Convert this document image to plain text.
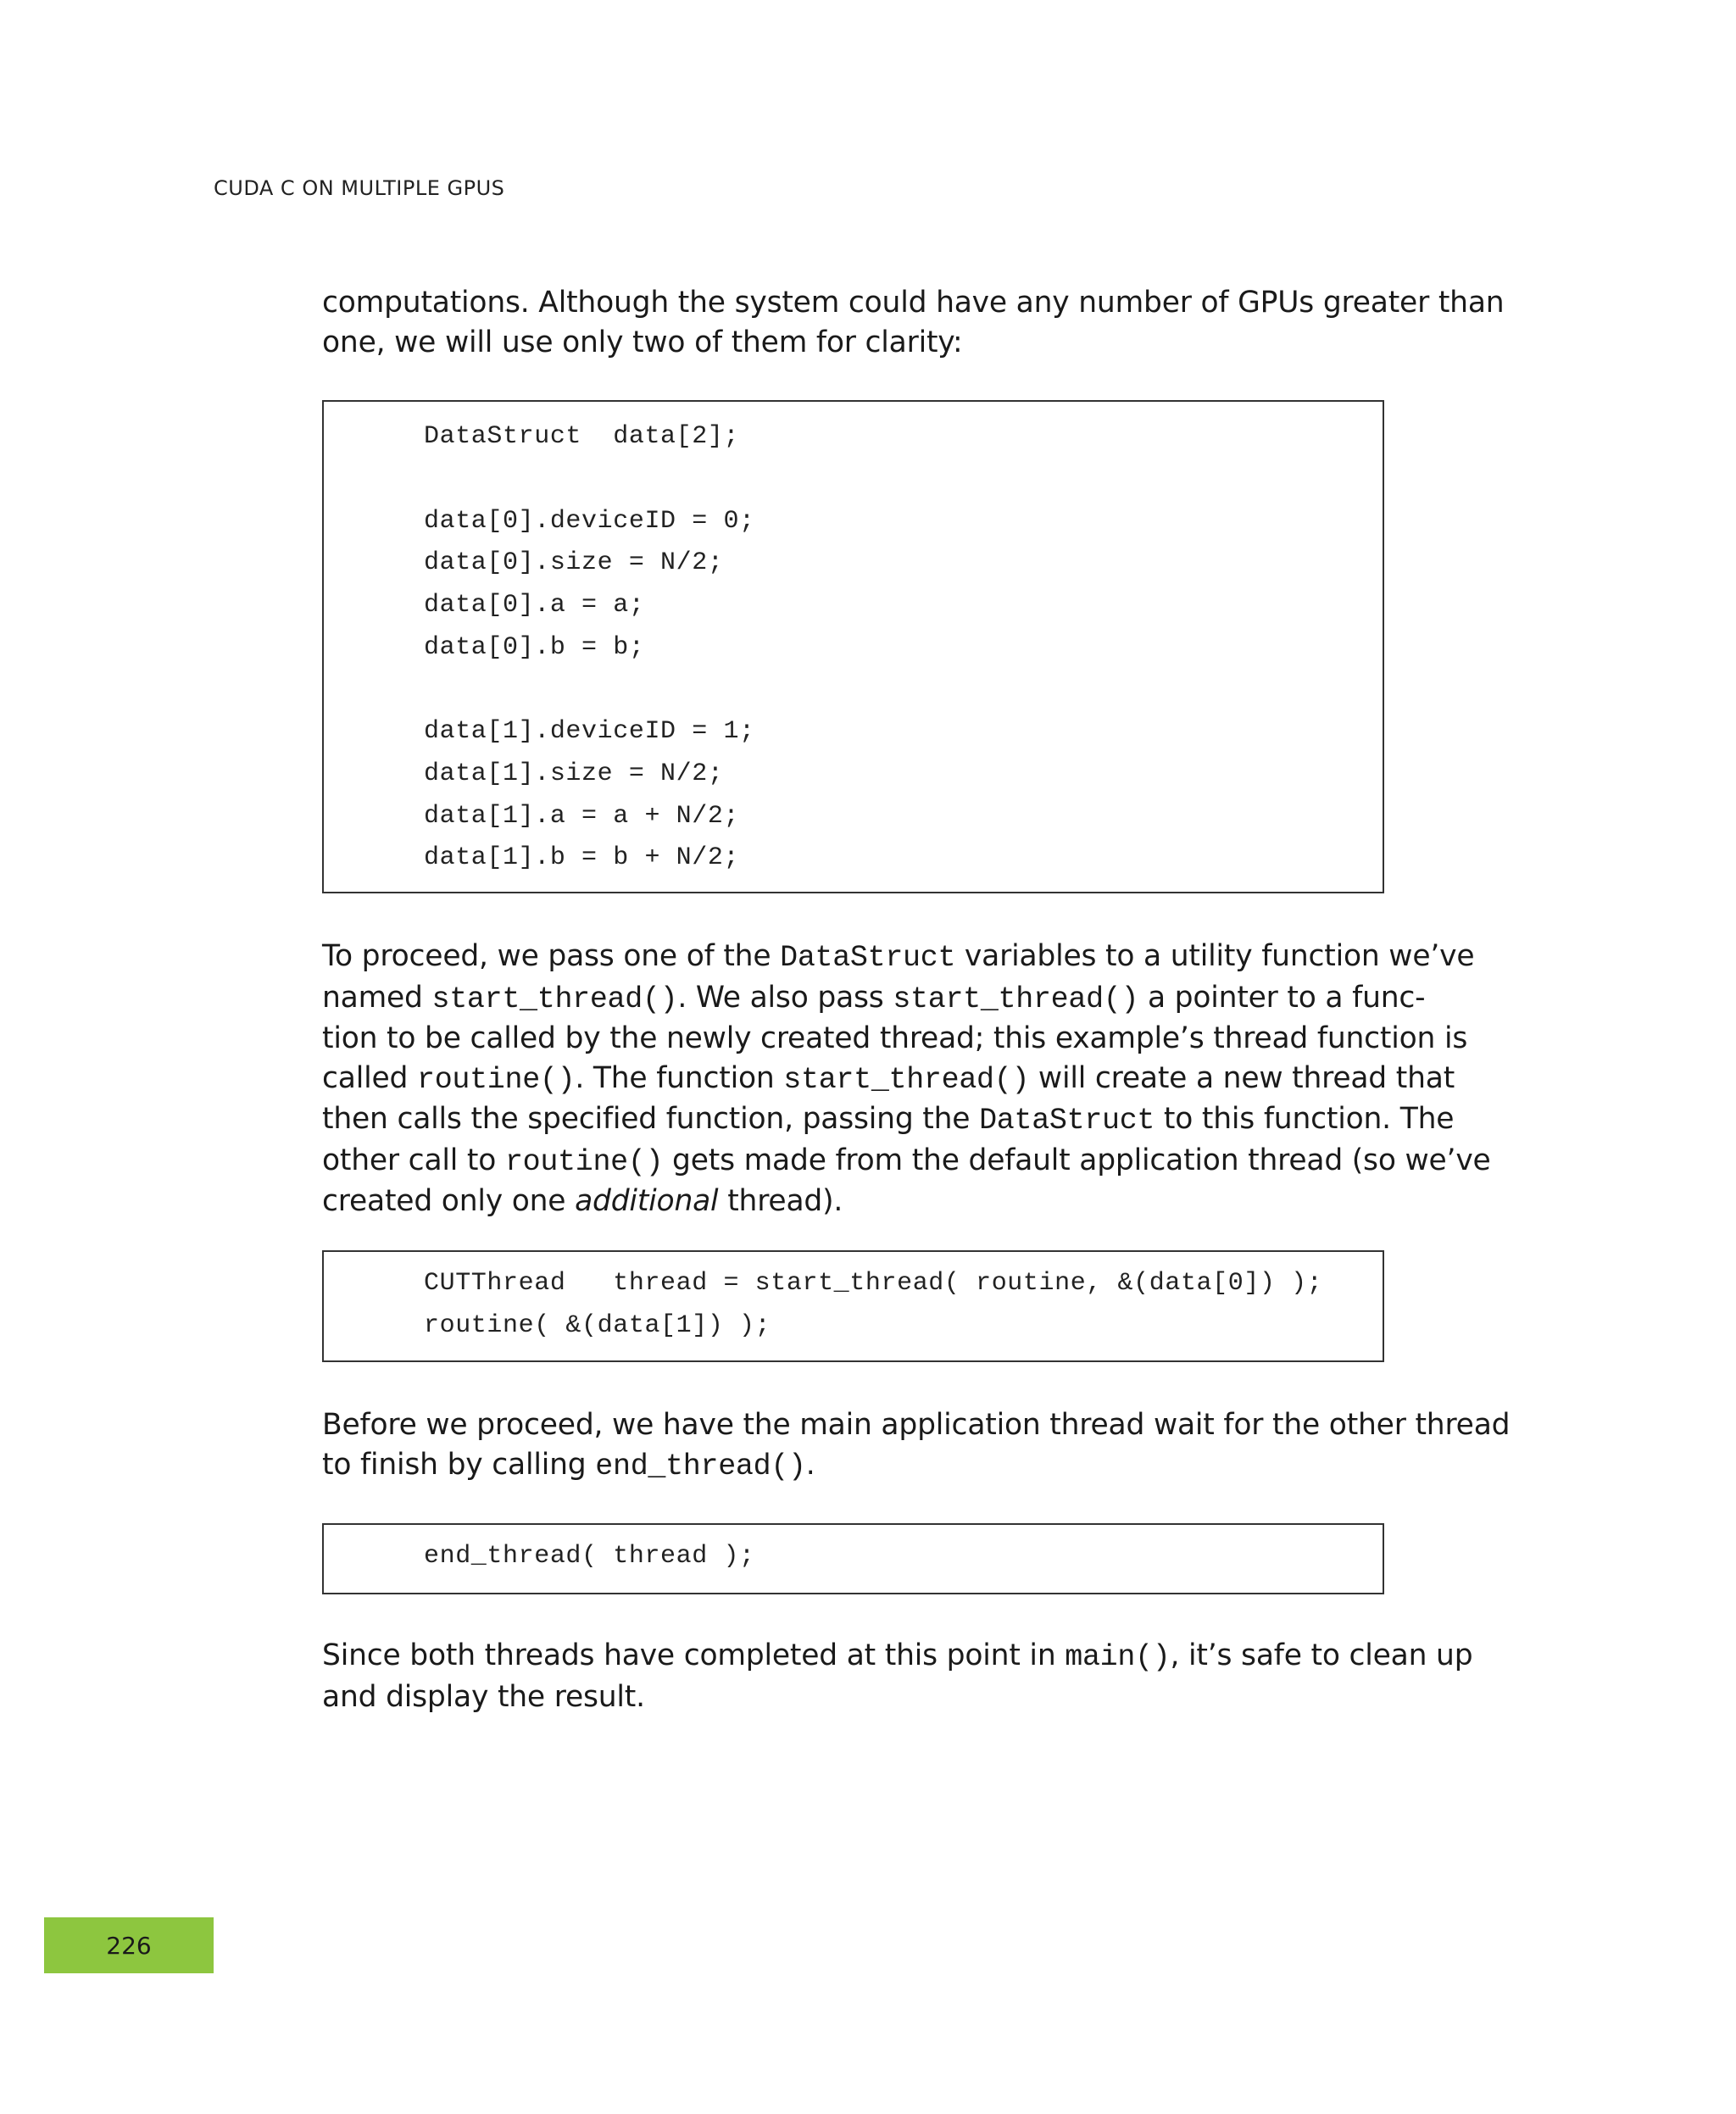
CUDA C ON MULTIPLE GPUS

computations. Although the system could have any number of GPUs greater than
one, we will use only two of them for clarity:

DataStruct  data[2];
data[0].deviceID = 0;
data[0].size = N/2;
data[0].a = a;
data[0].b = b;
data[1].deviceID = 1;
data[1].size = N/2;
data[1].a = a + N/2;
data[1].b = b + N/2;

To proceed, we pass one of the DataStruct variables to a utility function we’ve
named start_thread(). We also pass start_thread() a pointer to a func-
tion to be called by the newly created thread; this example’s thread function is
called routine(). The function start_thread() will create a new thread that
then calls the specified function, passing the DataStruct to this function. The
other call to routine() gets made from the default application thread (so we’ve
created only one additional thread).

CUTThread   thread = start_thread( routine, &(data[0]) );
routine( &(data[1]) );

Before we proceed, we have the main application thread wait for the other thread
to finish by calling end_thread().

end_thread( thread );

Since both threads have completed at this point in main(), it’s safe to clean up
and display the result.

226
